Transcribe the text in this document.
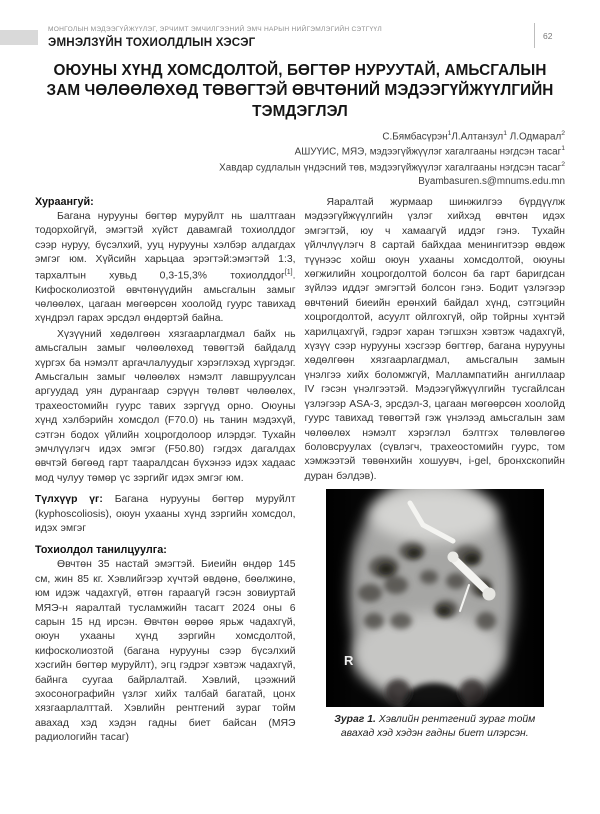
МОНГОЛЫН МЭДЭЭГҮЙЖҮҮЛЭГ, ЭРЧИМТ ЭМЧИЛГЭЭНИЙ ЭМЧ НАРЫН НИЙГЭМЛЭГИЙН СЭТГҮҮЛ
ЭМНЭЛЗҮЙН ТОХИОЛДЛЫН ХЭСЭГ
62
ОЮУНЫ ХҮНД ХОМСДОЛТОЙ, БӨГТӨР НУРУУТАЙ, АМЬСГАЛЫН ЗАМ ЧӨЛӨӨЛӨХӨД ТӨВӨГТЭЙ ӨВЧТӨНИЙ МЭДЭЭГҮЙЖҮҮЛГИЙН ТЭМДЭГЛЭЛ
С.Бямбасүрэн$^1$Л.Алтанзул$^1$ Л.Одмарал$^2$
АШУҮИС, МЯЭ, мэдээгүйжүүлэг хагалгааны нэгдсэн тасаг$^1$
Хавдар судлалын үндэсний төв, мэдээгүйжүүлэг хагалгааны нэгдсэн тасаг$^2$
Byambasuren.s@mnums.edu.mn
Хураангуй:

Багана нурууны бөгтөр муруйлт нь шалтгаан тодорхойгүй, эмэгтэй хүйст давамгай тохиолддог сээр нуруу, бүсэлхий, ууц нурууны хэлбэр алдагдах эмгэг юм. Хүйсийн харьцаа эрэгтэй:эмэгтэй 1:3, тархалтын хувьд 0,3-15,3% тохиолддог[1]. Кифосколиозтой өвчтөнүүдийн амьсгалын замыг чөлөөлөх, цагаан мөгөөрсөн хоолойд гуурс тавихад хүндрэл гарах эрсдэл өндөртэй байна.

Хүзүүний хөдөлгөөн хязгаарлагдмал байх нь амьсгалын замыг чөлөөлөхөд төвөгтэй байдалд хүргэх ба нэмэлт аргачлалуудыг хэрэглэхэд хүргэдэг. Амьсгалын замыг чөлөөлөх нэмэлт лавшруулсан аргуудад уян дурангаар сэрүүн төлөвт чөлөөлөх, трахеостомийн гуурс тавих зэргүүд орно. Оюуны хүнд хэлбэрийн хомсдол (F70.0) нь танин мэдэхүй, сэтгэн бодох үйлийн хоцрогдолоор илэрдэг. Тухайн эмчлүүлэгч идэх эмгэг (F50.80) гэгдэх дагалдах өвчтэй бөгөөд гарт тааралдсан бүхэнээ идэх хадаас мод чулуу төмөр үс зэргийг идэх эмгэг юм.

Түлхүүр үг: Багана нурууны бөгтөр муруйлт (kyphoscoliosis), оюун ухааны хүнд зэргийн хомсдол, идэх эмгэг

Тохиолдол танилцуулга:

Өвчтөн 35 настай эмэгтэй. Биеийн өндөр 145 см, жин 85 кг. Хэвлийгээр хүчтэй өвдөнө, бөөлжинө, юм идэж чадахгүй, өтгөн гараагүй гэсэн зовиуртай МЯЭ-н яаралтай тусламжийн тасагт 2024 оны 6 сарын 15 нд ирсэн. Өвчтөн өөрөө ярьж чадахгүй, оюун ухааны хүнд зэргийн хомсдолтой, кифосколиозтой (багана нурууны сээр бүсэлхий хэсгийн бөгтөр муруйлт), эгц гэдрэг хэвтэж чадахгүй, байнга суугаа байрлалтай. Хэвлий, цээжний эхосонографийн үзлэг хийх талбай багатай, цонх хязгаарлалттай. Хэвлийн рентгений зураг тойм авахад хэд хэдэн гадны биет байсан (МЯЭ радиологийн тасаг)

Яаралтай журмаар шинжилгээ бүрдүүлж мэдээгүйжүүлгийн үзлэг хийхэд өвчтөн идэх эмгэгтэй, юу ч хамаагүй иддэг гэнэ. Тухайн үйлчлүүлэгч 8 сартай байхдаа менингитээр өвдөж түүнээс хойш оюун ухааны хомсдолтой, оюуны хөгжилийн хоцрогдолтой болсон ба гарт баригдсан зүйлээ иддэг эмгэгтэй болсон гэнэ. Бодит үзлэгээр өвчтөний биеийн ерөнхий байдал хүнд, сэтгэцийн хоцрогдолтой, асуулт ойлгохгүй, ойр тойрны хүнтэй харилцахгүй, гэдрэг харан тэгшхэн хэвтэж чадахгүй, хүзүү сээр нурууны хэсгээр бөгтгөр, багана нурууны хөдөлгөөн хязгаарлагдмал, амьсгалын замын үнэлгээ хийх боломжгүй, Маллампатийн ангиллаар IV гэсэн үнэлгээтэй. Мэдээгүйжүүлгийн тусгайлсан үзлэгээр ASA-3, эрсдэл-3, цагаан мөгөөрсөн хоолойд гуурс тавихад төвөгтэй гэж үнэлээд амьсгалын зам чөлөөлөх нэмэлт хэрэглэл бэлтгэх төлөвлөгөө боловсруулах (сүвлэгч, трахеостомийн гуурс, том хэмжээтэй төвөнхийн хошуувч, i-gel, бронхскопийн дуран бэлдэв).

R
Зураг 1. Хэвлийн рентгений зураг тойм авахад хэд хэдэн гадны биет илэрсэн.
